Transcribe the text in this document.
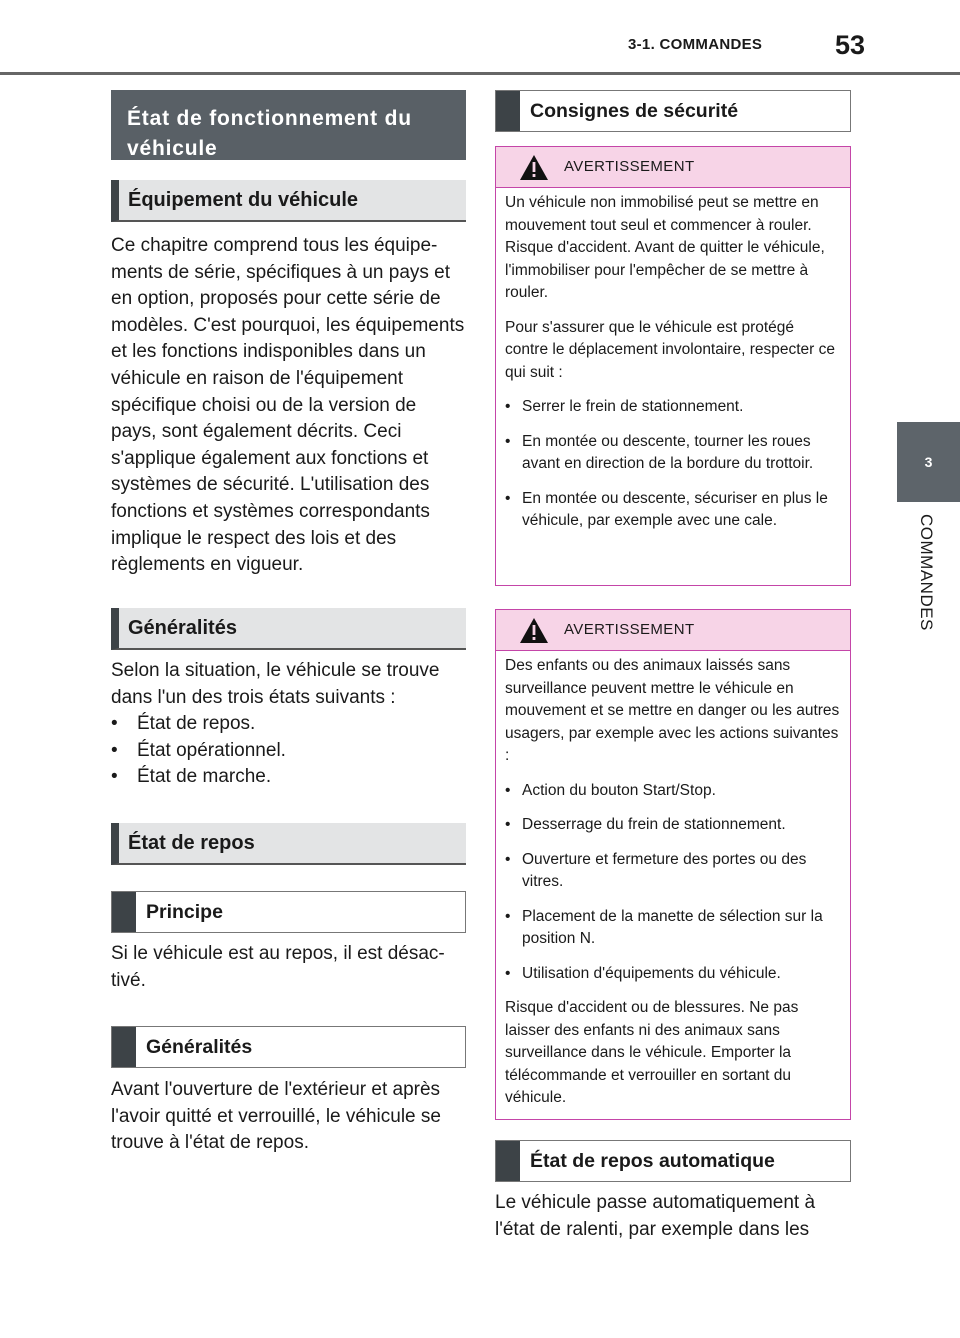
3-1. COMMANDES	53
3
COMMANDES
État de fonctionnement du véhicule
Équipement du véhicule

Ce chapitre comprend tous les équipements de série, spécifiques à un pays et en option, proposés pour cette série de modèles. C'est pourquoi, les équipements et les fonctions indisponibles dans un véhicule en raison de l'équipement spécifique choisi ou de la version de pays, sont également décrits. Ceci s'applique également aux fonctions et systèmes de sécurité. L'utilisation des fonctions et systèmes correspondants implique le respect des lois et des règlements en vigueur.

Généralités

Selon la situation, le véhicule se trouve dans l'un des trois états suivants :

• État de repos.

• État opérationnel.

• État de marche.

État de repos
Principe

Si le véhicule est au repos, il est désactivé.

Généralités

Avant l'ouverture de l'extérieur et après l'avoir quitté et verrouillé, le véhicule se trouve à l'état de repos.

Consignes de sécurité
AVERTISSEMENT

Un véhicule non immobilisé peut se mettre en mouvement tout seul et commencer à rouler. Risque d'accident. Avant de quitter le véhicule, l'immobiliser pour l'empêcher de se mettre à rouler.

Pour s'assurer que le véhicule est protégé contre le déplacement involontaire, respecter ce qui suit :

• Serrer le frein de stationnement.

• En montée ou descente, tourner les roues avant en direction de la bordure du trottoir.

• En montée ou descente, sécuriser en plus le véhicule, par exemple avec une cale.

AVERTISSEMENT

Des enfants ou des animaux laissés sans surveillance peuvent mettre le véhicule en mouvement et se mettre en danger ou les autres usagers, par exemple avec les actions suivantes :

• Action du bouton Start/Stop.

• Desserrage du frein de stationnement.

• Ouverture et fermeture des portes ou des vitres.

• Placement de la manette de sélection sur la position N.

• Utilisation d'équipements du véhicule.

Risque d'accident ou de blessures. Ne pas laisser des enfants ni des animaux sans surveillance dans le véhicule. Emporter la télécommande et verrouiller en sortant du véhicule.

État de repos automatique

Le véhicule passe automatiquement à l'état de ralenti, par exemple dans les
